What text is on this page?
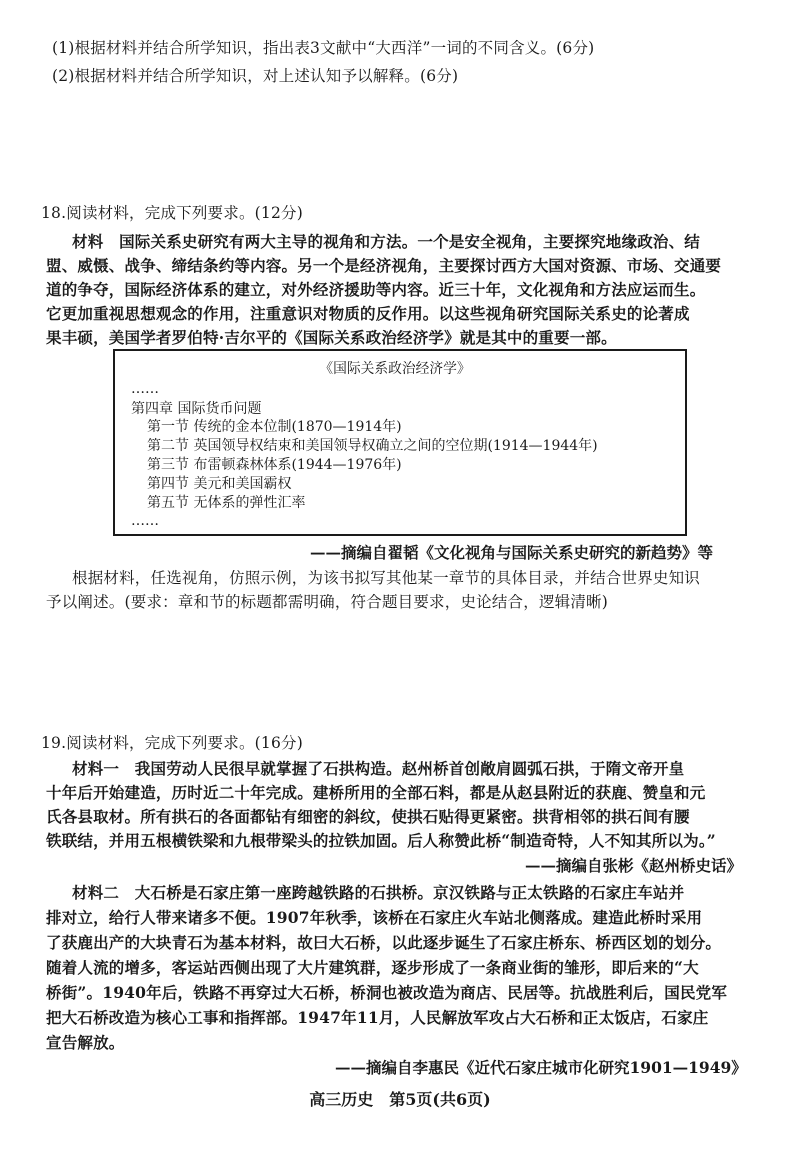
(1)根据材料并结合所学知识，指出表3文献中“大西洋”一词的不同含义。(6分)
(2)根据材料并结合所学知识，对上述认知予以解释。(6分)
18.阅读材料，完成下列要求。(12分)
材料　国际关系史研究有两大主导的视角和方法。一个是安全视角，主要探究地缘政治、结
盟、威慑、战争、缔结条约等内容。另一个是经济视角，主要探讨西方大国对资源、市场、交通要
道的争夺，国际经济体系的建立，对外经济援助等内容。近三十年，文化视角和方法应运而生。
它更加重视思想观念的作用，注重意识对物质的反作用。以这些视角研究国际关系史的论著成
果丰硕，美国学者罗伯特·吉尔平的《国际关系政治经济学》就是其中的重要一部。
《国际关系政治经济学》
……
第四章 国际货币问题
第一节 传统的金本位制(1870—1914年)
第二节 英国领导权结束和美国领导权确立之间的空位期(1914—1944年)
第三节 布雷顿森林体系(1944—1976年)
第四节 美元和美国霸权
第五节 无体系的弹性汇率
……
——摘编自翟韬《文化视角与国际关系史研究的新趋势》等
根据材料，任选视角，仿照示例，为该书拟写其他某一章节的具体目录，并结合世界史知识
予以阐述。(要求：章和节的标题都需明确，符合题目要求，史论结合，逻辑清晰)
19.阅读材料，完成下列要求。(16分)
材料一　我国劳动人民很早就掌握了石拱构造。赵州桥首创敞肩圆弧石拱，于隋文帝开皇
十年后开始建造，历时近二十年完成。建桥所用的全部石料，都是从赵县附近的获鹿、赞皇和元
氏各县取材。所有拱石的各面都钻有细密的斜纹，使拱石贴得更紧密。拱背相邻的拱石间有腰
铁联结，并用五根横铁梁和九根带梁头的拉铁加固。后人称赞此桥“制造奇特，人不知其所以为。”
——摘编自张彬《赵州桥史话》
材料二　大石桥是石家庄第一座跨越铁路的石拱桥。京汉铁路与正太铁路的石家庄车站并
排对立，给行人带来诸多不便。1907年秋季，该桥在石家庄火车站北侧落成。建造此桥时采用
了获鹿出产的大块青石为基本材料，故曰大石桥，以此逐步诞生了石家庄桥东、桥西区划的划分。
随着人流的增多，客运站西侧出现了大片建筑群，逐步形成了一条商业街的雏形，即后来的“大
桥街”。1940年后，铁路不再穿过大石桥，桥洞也被改造为商店、民居等。抗战胜利后，国民党军
把大石桥改造为核心工事和指挥部。1947年11月，人民解放军攻占大石桥和正太饭店，石家庄
宣告解放。
——摘编自李惠民《近代石家庄城市化研究1901—1949》
高三历史　第5页(共6页)
